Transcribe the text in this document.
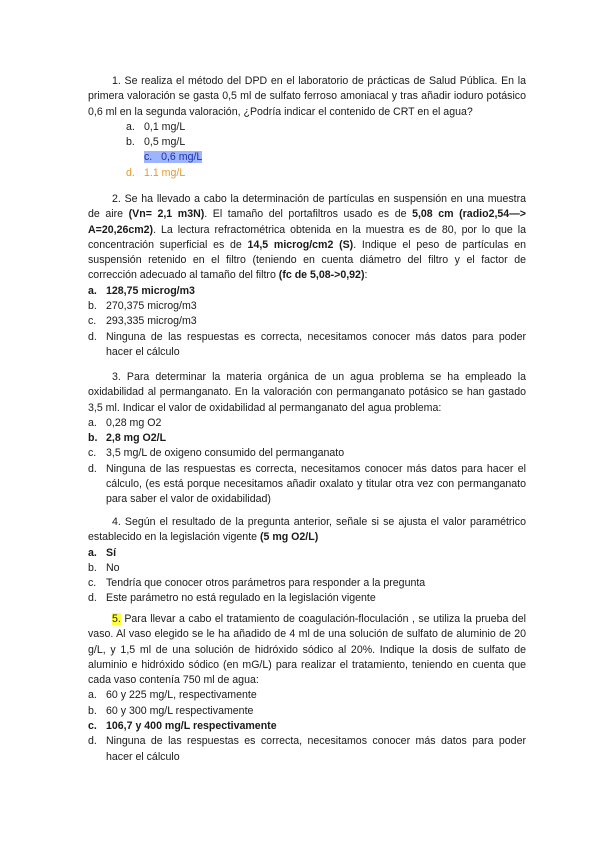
1. Se realiza el método del DPD en el laboratorio de prácticas de Salud Pública. En la primera valoración se gasta 0,5 ml de sulfato ferroso amoniacal y tras añadir ioduro potásico 0,6 ml en la segunda valoración, ¿Podría indicar el contenido de CRT en el agua?

a. 0,1 mg/L
b. 0,5 mg/L
c. 0,6 mg/L
d. 1.1 mg/L

2. Se ha llevado a cabo la determinación de partículas en suspensión en una muestra de aire (Vn= 2,1 m3N). El tamaño del portafiltros usado es de 5,08 cm (radio2,54—> A=20,26cm2). La lectura refractométrica obtenida en la muestra es de 80, por lo que la concentración superficial es de 14,5 microg/cm2 (S). Indique el peso de partículas en suspensión retenido en el filtro (teniendo en cuenta diámetro del filtro y el factor de corrección adecuado al tamaño del filtro (fc de 5,08->0,92):

a. 128,75 microg/m3
b. 270,375 microg/m3
c. 293,335 microg/m3
d. Ninguna de las respuestas es correcta, necesitamos conocer más datos para poder hacer el cálculo

3. Para determinar la materia orgánica de un agua problema se ha empleado la oxidabilidad al permanganato. En la valoración con permanganato potásico se han gastado 3,5 ml. Indicar el valor de oxidabilidad al permanganato del agua problema:

a. 0,28 mg O2
b. 2,8 mg O2/L
c. 3,5 mg/L de oxigeno consumido del permanganato
d. Ninguna de las respuestas es correcta, necesitamos conocer más datos para hacer el cálculo, (es está porque necesitamos añadir oxalato y titular otra vez con permanganato para saber el valor de oxidabilidad)

4. Según el resultado de la pregunta anterior, señale si se ajusta el valor paramétrico establecido en la legislación vigente (5 mg O2/L)

a. Sí
b. No
c. Tendría que conocer otros parámetros para responder a la pregunta
d. Este parámetro no está regulado en la legislación vigente

5. Para llevar a cabo el tratamiento de coagulación-floculación , se utiliza la prueba del vaso. Al vaso elegido se le ha añadido de 4 ml de una solución de sulfato de aluminio de 20 g/L, y 1,5 ml de una solución de hidróxido sódico al 20%. Indique la dosis de sulfato de aluminio e hidróxido sódico (en mG/L) para realizar el tratamiento, teniendo en cuenta que cada vaso contenía 750 ml de agua:

a. 60 y 225 mg/L, respectivamente
b. 60 y 300 mg/L respectivamente
c. 106,7 y 400 mg/L respectivamente
d. Ninguna de las respuestas es correcta, necesitamos conocer más datos para poder hacer el cálculo
